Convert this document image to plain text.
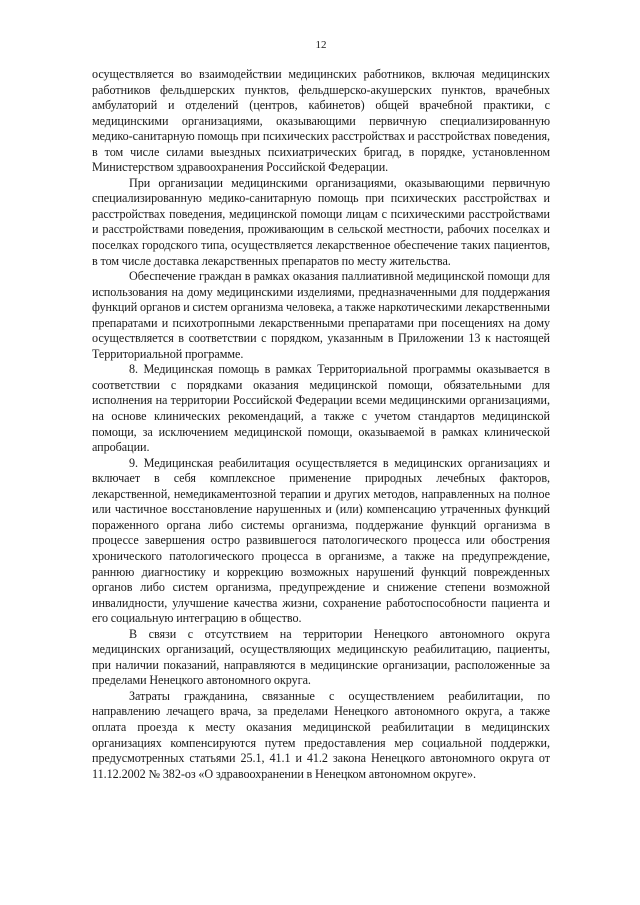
12

осуществляется во взаимодействии медицинских работников, включая медицинских работников фельдшерских пунктов, фельдшерско-акушерских пунктов, врачебных амбулаторий и отделений (центров, кабинетов) общей врачебной практики, с медицинскими организациями, оказывающими первичную специализированную медико-санитарную помощь при психических расстройствах и расстройствах поведения, в том числе силами выездных психиатрических бригад, в порядке, установленном Министерством здравоохранения Российской Федерации.

При организации медицинскими организациями, оказывающими первичную специализированную медико-санитарную помощь при психических расстройствах и расстройствах поведения, медицинской помощи лицам с психическими расстройствами и расстройствами поведения, проживающим в сельской местности, рабочих поселках и поселках городского типа, осуществляется лекарственное обеспечение таких пациентов, в том числе доставка лекарственных препаратов по месту жительства.

Обеспечение граждан в рамках оказания паллиативной медицинской помощи для использования на дому медицинскими изделиями, предназначенными для поддержания функций органов и систем организма человека, а также наркотическими лекарственными препаратами и психотропными лекарственными препаратами при посещениях на дому осуществляется в соответствии с порядком, указанным в Приложении 13 к настоящей Территориальной программе.

8. Медицинская помощь в рамках Территориальной программы оказывается в соответствии с порядками оказания медицинской помощи, обязательными для исполнения на территории Российской Федерации всеми медицинскими организациями, на основе клинических рекомендаций, а также с учетом стандартов медицинской помощи, за исключением медицинской помощи, оказываемой в рамках клинической апробации.

9. Медицинская реабилитация осуществляется в медицинских организациях и включает в себя комплексное применение природных лечебных факторов, лекарственной, немедикаментозной терапии и других методов, направленных на полное или частичное восстановление нарушенных и (или) компенсацию утраченных функций пораженного органа либо системы организма, поддержание функций организма в процессе завершения остро развившегося патологического процесса или обострения хронического патологического процесса в организме, а также на предупреждение, раннюю диагностику и коррекцию возможных нарушений функций поврежденных органов либо систем организма, предупреждение и снижение степени возможной инвалидности, улучшение качества жизни, сохранение работоспособности пациента и его социальную интеграцию в общество.

В связи с отсутствием на территории Ненецкого автономного округа медицинских организаций, осуществляющих медицинскую реабилитацию, пациенты, при наличии показаний, направляются в медицинские организации, расположенные за пределами Ненецкого автономного округа.

Затраты гражданина, связанные с осуществлением реабилитации, по направлению лечащего врача, за пределами Ненецкого автономного округа, а также оплата проезда к месту оказания медицинской реабилитации в медицинских организациях компенсируются путем предоставления мер социальной поддержки, предусмотренных статьями 25.1, 41.1 и 41.2 закона Ненецкого автономного округа от 11.12.2002 № 382-оз «О здравоохранении в Ненецком автономном округе».
